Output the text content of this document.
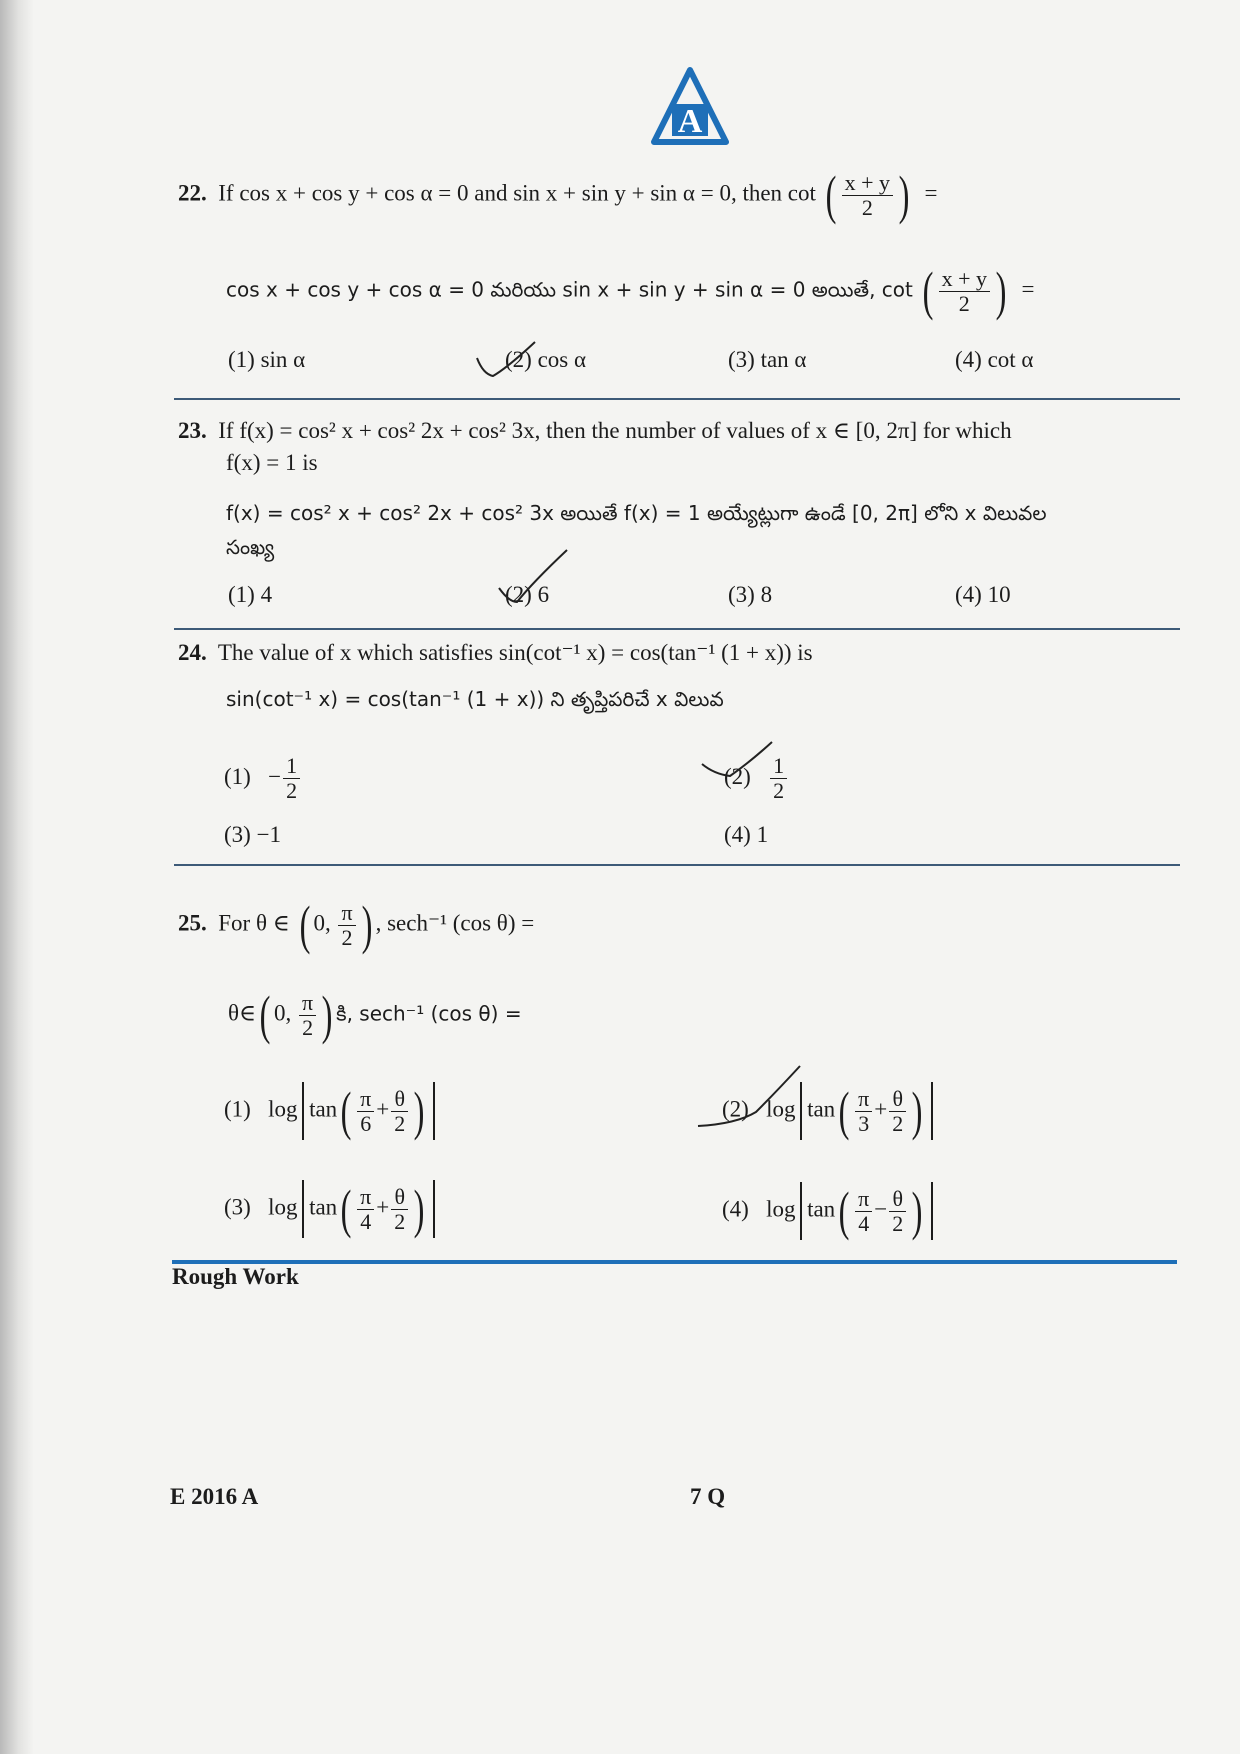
A
22. If cos x + cos y + cos α = 0 and sin x + sin y + sin α = 0, then cot ( $\frac{x + y}{2}$ ) =
cos x + cos y + cos α = 0 మరియు sin x + sin y + sin α = 0 అయితే, cot ( $\frac{x + y}{2}$ ) =
(1) sin α	(2) cos α	(3) tan α	(4) cot α
23. If f(x) = cos² x + cos² 2x + cos² 3x, then the number of values of x ∈ [0, 2π] for which
f(x) = 1 is
f(x) = cos² x + cos² 2x + cos² 3x అయితే f(x) = 1 అయ్యేట్లుగా ఉండే [0, 2π] లోని x విలువల
సంఖ్య
(1) 4	(2) 6	(3) 8	(4) 10
24. The value of x which satisfies sin(cot⁻¹ x) = cos(tan⁻¹ (1 + x)) is
sin(cot⁻¹ x) = cos(tan⁻¹ (1 + x)) ని తృప్తిపరిచే x విలువ
$(1) - \frac{1}{2}$	$(2) \frac{1}{2}$
(3) −1	(4) 1
25. For θ ∈ ( 0, $\frac{\pi}{2}$ ) , sech⁻¹ (cos θ) =
θ∈( 0, $\frac{\pi}{2}$ ) కి, sech⁻¹ (cos θ) =
(1) $\log \tan( \frac{\pi}{6} + \frac{\theta}{2}$ )	(2) $\log \tan( \frac{\pi}{3} + \frac{\theta}{2}$ )
(3) $\log \tan( \frac{\pi}{4} + \frac{\theta}{2}$ )	(4) $\log \tan( \frac{\pi}{4} - \frac{\theta}{2}$ )
Rough Work
E 2016 A	7 Q
